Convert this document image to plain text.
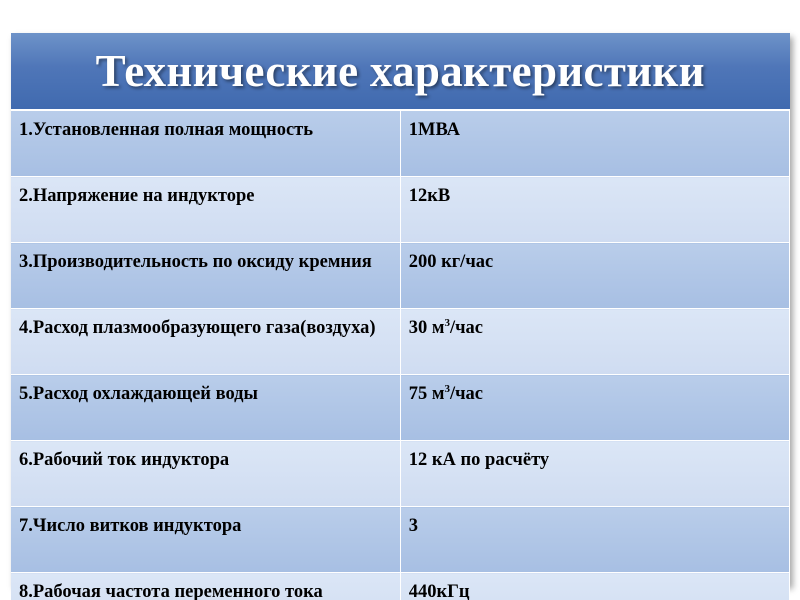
Технические характеристики	
1.Установленная полная мощность	1МВА
2.Напряжение на индукторе	12кВ
3.Производительность по оксиду кремния	200 кг/час
4.Расход плазмообразующего газа(воздуха)	30 $м^3$/час
5.Расход охлаждающей воды	75 $м^3$/час
6.Рабочий ток индуктора	12 кА по расчёту
7.Число витков индуктора	3
8.Рабочая частота переменного тока	440кГц
